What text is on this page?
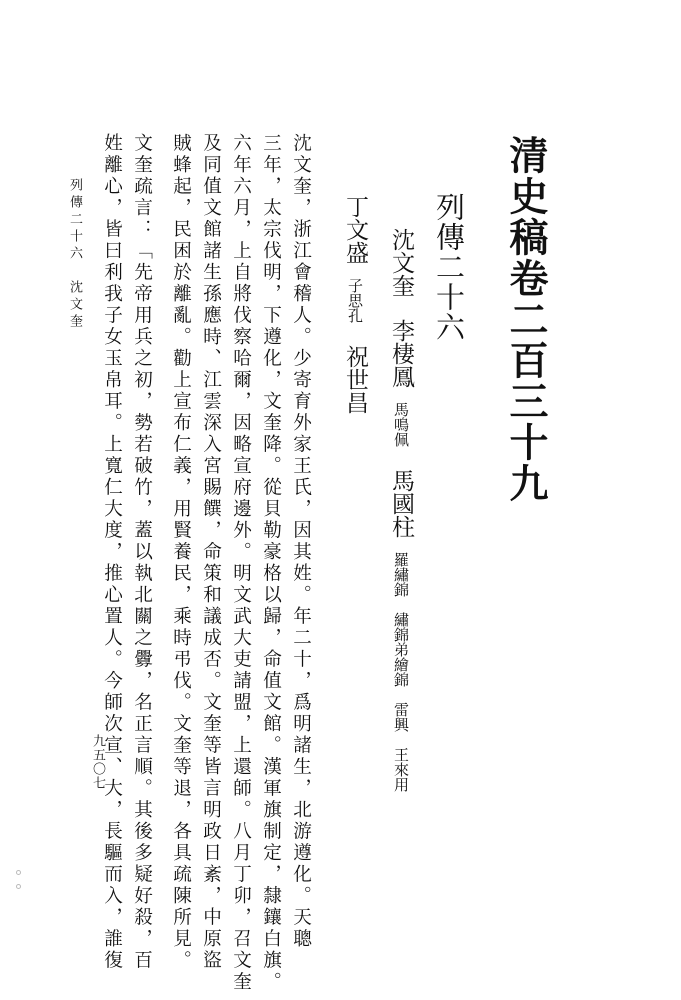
清史稿卷二百三十九
列傳二十六
沈文奎李棲鳳馬鳴佩馬國柱羅繡錦　繡錦弟繪錦　雷興　王來用
丁文盛子思孔祝世昌
沈文奎，浙江會稽人。少寄育外家王氏，因其姓。年二十，爲明諸生，北游遵化。天聰
三年，太宗伐明，下遵化，文奎降。從貝勒豪格以歸，命值文館。漢軍旗制定，隸鑲白旗。
六年六月，上自將伐察哈爾，因略宣府邊外。明文武大吏請盟，上還師。八月丁卯，召文奎
及同值文館諸生孫應時、江雲深入宮賜饌，命策和議成否。文奎等皆言明政日紊，中原盜
賊蜂起，民困於離亂。勸上宣布仁義，用賢養民，乘時弔伐。文奎等退，各具疏陳所見。
文奎疏言：「先帝用兵之初，勢若破竹，蓋以執北關之釁，名正言順。其後多疑好殺，百
姓離心，皆曰利我子女玉帛耳。上寬仁大度，推心置人。今師次宣、大，長驅而入，誰復
列傳二十六　沈文奎
九五〇七
